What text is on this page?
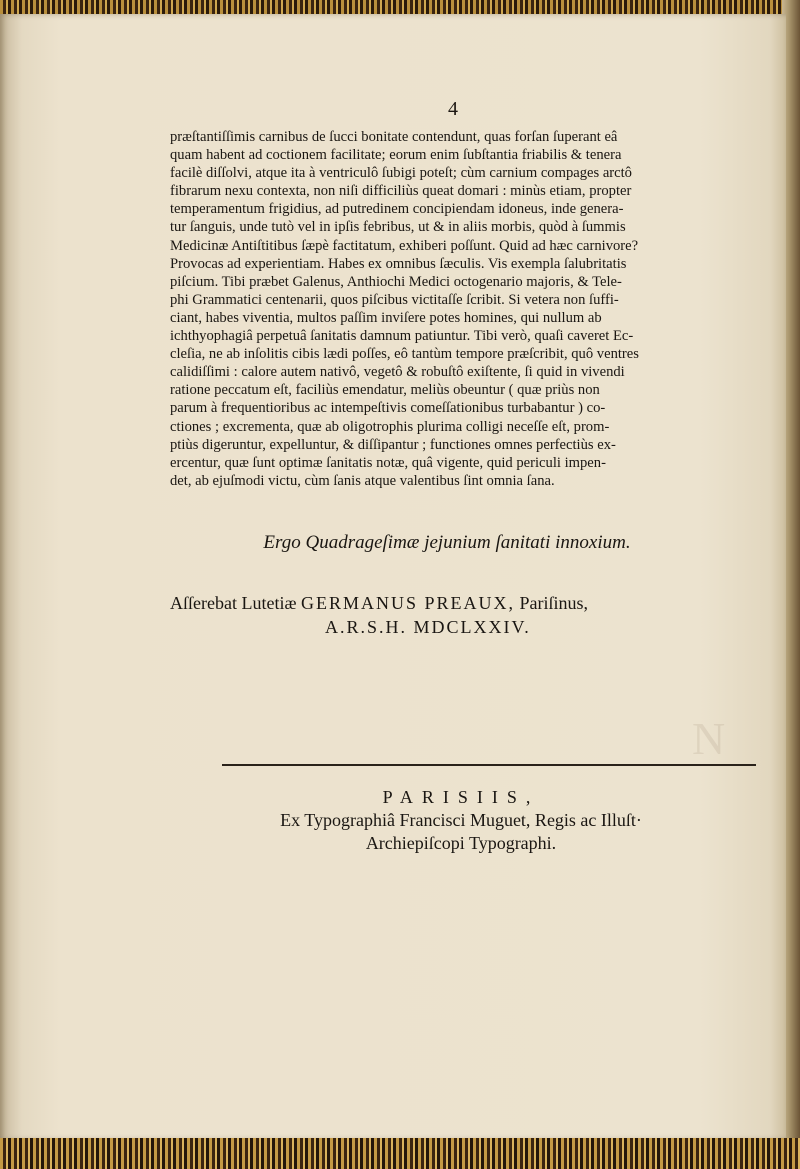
4
præſtantiſſimis carnibus de ſucci bonitate contendunt, quas forſan ſuperant eâ
quam habent ad coctionem facilitate; eorum enim ſubſtantia friabilis & tenera
facilè diſſolvi, atque ita à ventriculô ſubigi poteſt; cùm carnium compages arctô
fibrarum nexu contexta, non niſi difficiliùs queat domari : minùs etiam, propter
temperamentum frigidius, ad putredinem concipiendam idoneus, inde genera-
tur ſanguis, unde tutò vel in ipſis febribus, ut & in aliis morbis, quòd à ſummis
Medicinæ Antiſtitibus ſæpè factitatum, exhiberi poſſunt. Quid ad hæc carnivore?
Provocas ad experientiam. Habes ex omnibus ſæculis. Vis exempla ſalubritatis
piſcium. Tibi præbet Galenus, Anthiochi Medici octogenario majoris, & Tele-
phi Grammatici centenarii, quos piſcibus victitaſſe ſcribit. Si vetera non ſuffi-
ciant, habes viventia, multos paſſim inviſere potes homines, qui nullum ab
ichthyophagiâ perpetuâ ſanitatis damnum patiuntur. Tibi verò, quaſi caveret Ec-
cleſia, ne ab inſolitis cibis lædi poſſes, eô tantùm tempore præſcribit, quô ventres
calidiſſimi : calore autem nativô, vegetô & robuſtô exiſtente, ſi quid in vivendi
ratione peccatum eſt, faciliùs emendatur, meliùs obeuntur ( quæ priùs non
parum à frequentioribus ac intempeſtivis comeſſationibus turbabantur ) co-
ctiones ; excrementa, quæ ab oligotrophis plurima colligi neceſſe eſt, prom-
ptiùs digeruntur, expelluntur, & diſſipantur ; functiones omnes perfectiùs ex-
ercentur, quæ ſunt optimæ ſanitatis notæ, quâ vigente, quid periculi impen-
det, ab ejuſmodi victu, cùm ſanis atque valentibus ſint omnia ſana.
Ergo Quadrageſimæ jejunium ſanitati innoxium.
Aſſerebat Lutetiæ GERMANUS PREAUX, Pariſinus,
A.R.S.H. MDCLXXIV.
N
PARISIIS,
Ex Typographiâ Francisci Muguet, Regis ac Illuſt·
Archiepiſcopi Typographi.
